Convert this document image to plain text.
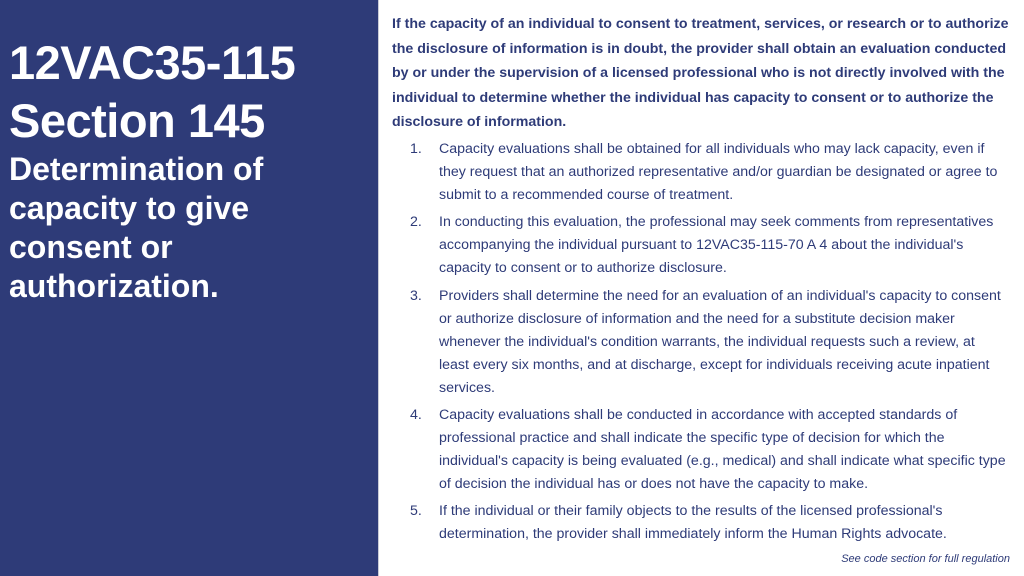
12VAC35-115
Section 145
Determination of capacity to give consent or authorization.

If the capacity of an individual to consent to treatment, services, or research or to authorize the disclosure of information is in doubt, the provider shall obtain an evaluation conducted by or under the supervision of a licensed professional who is not directly involved with the individual to determine whether the individual has capacity to consent or to authorize the disclosure of information.

1.	Capacity evaluations shall be obtained for all individuals who may lack capacity, even if they request that an authorized representative and/or guardian be designated or agree to submit to a recommended course of treatment.
2.	In conducting this evaluation, the professional may seek comments from representatives accompanying the individual pursuant to 12VAC35-115-70 A 4 about the individual's capacity to consent or to authorize disclosure.
3.	Providers shall determine the need for an evaluation of an individual's capacity to consent or authorize disclosure of information and the need for a substitute decision maker whenever the individual's condition warrants, the individual requests such a review, at least every six months, and at discharge, except for individuals receiving acute inpatient services.
4.	Capacity evaluations shall be conducted in accordance with accepted standards of professional practice and shall indicate the specific type of decision for which the individual's capacity is being evaluated (e.g., medical) and shall indicate what specific type of decision the individual has or does not have the capacity to make.
5.	If the individual or their family objects to the results of the licensed professional's determination, the provider shall immediately inform the Human Rights advocate.
See code section for full regulation
